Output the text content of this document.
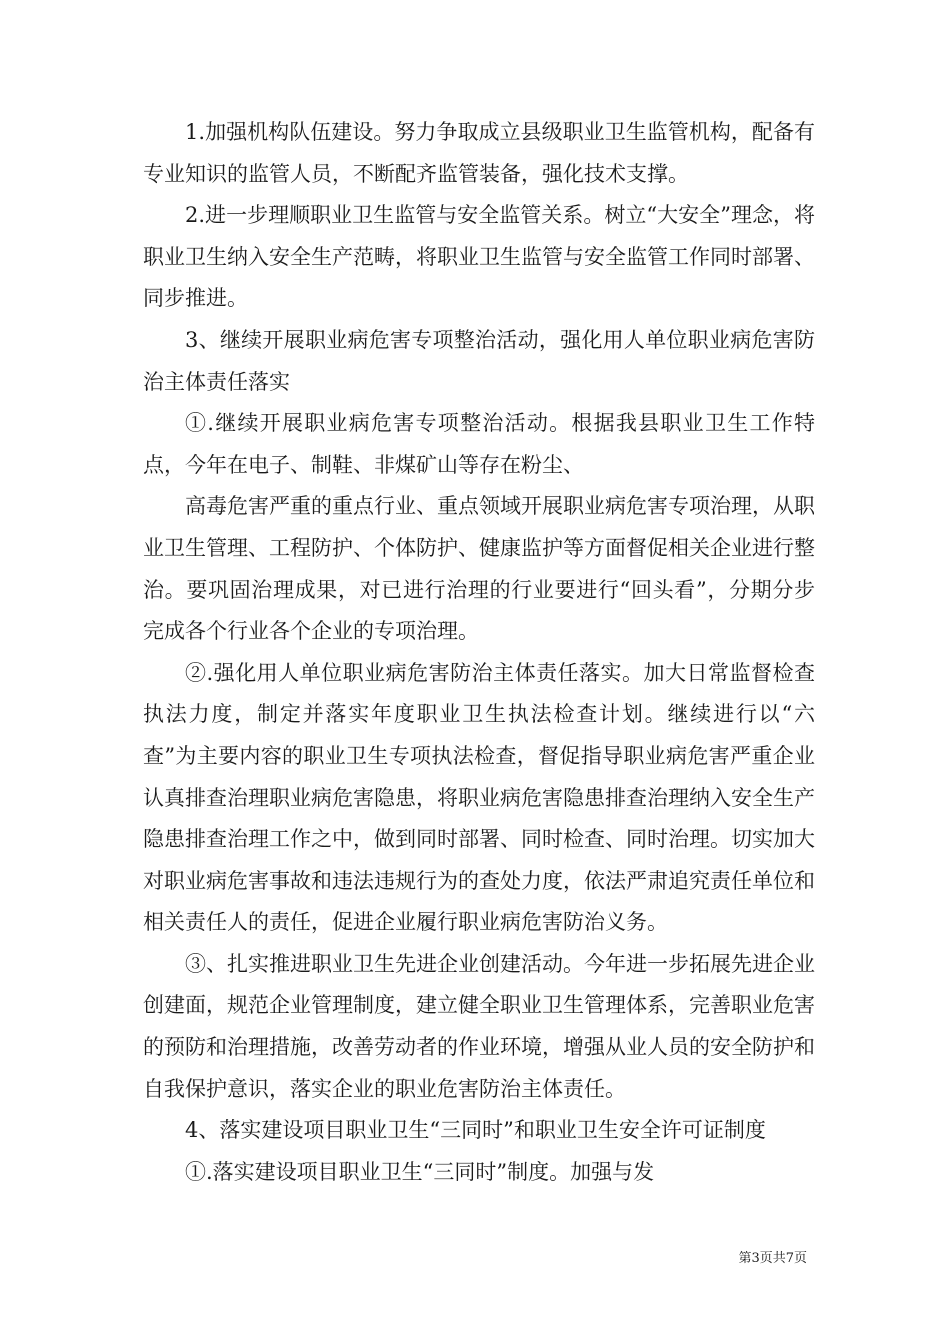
1.加强机构队伍建设。努力争取成立县级职业卫生监管机构，配备有专业知识的监管人员，不断配齐监管装备，强化技术支撑。

2.进一步理顺职业卫生监管与安全监管关系。树立“大安全”理念，将职业卫生纳入安全生产范畴，将职业卫生监管与安全监管工作同时部署、同步推进。

3、继续开展职业病危害专项整治活动，强化用人单位职业病危害防治主体责任落实

①.继续开展职业病危害专项整治活动。根据我县职业卫生工作特点，今年在电子、制鞋、非煤矿山等存在粉尘、

高毒危害严重的重点行业、重点领域开展职业病危害专项治理，从职业卫生管理、工程防护、个体防护、健康监护等方面督促相关企业进行整治。要巩固治理成果，对已进行治理的行业要进行“回头看”，分期分步完成各个行业各个企业的专项治理。

②.强化用人单位职业病危害防治主体责任落实。加大日常监督检查执法力度，制定并落实年度职业卫生执法检查计划。继续进行以“六查”为主要内容的职业卫生专项执法检查，督促指导职业病危害严重企业认真排查治理职业病危害隐患，将职业病危害隐患排查治理纳入安全生产隐患排查治理工作之中，做到同时部署、同时检查、同时治理。切实加大对职业病危害事故和违法违规行为的查处力度，依法严肃追究责任单位和相关责任人的责任，促进企业履行职业病危害防治义务。

③、扎实推进职业卫生先进企业创建活动。今年进一步拓展先进企业创建面，规范企业管理制度，建立健全职业卫生管理体系，完善职业危害的预防和治理措施，改善劳动者的作业环境，增强从业人员的安全防护和自我保护意识，落实企业的职业危害防治主体责任。

4、落实建设项目职业卫生“三同时”和职业卫生安全许可证制度

①.落实建设项目职业卫生“三同时”制度。加强与发

第3页共7页
